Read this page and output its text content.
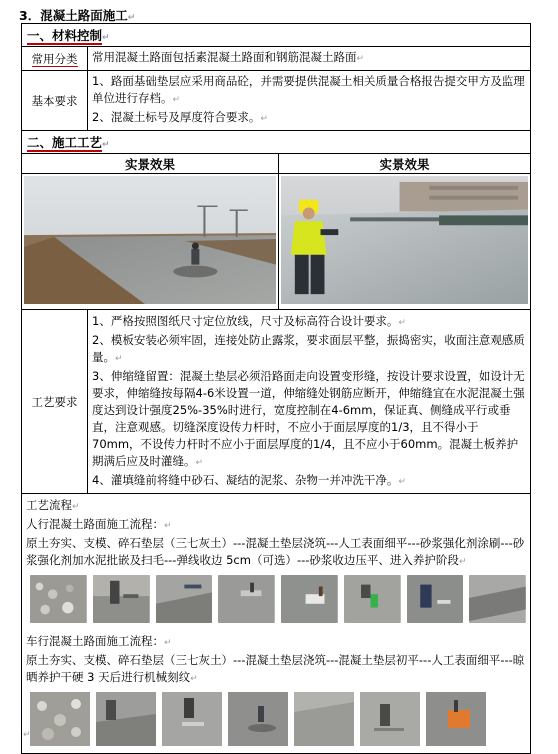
3．混凝土路面施工↵
一、材料控制↵		
常用分类	常用混凝土路面包括素混凝土路面和钢筋混凝土路面↵	
基本要求	1、路面基础垫层应采用商品砼，并需要提供混凝土相关质量合格报告提交甲方及监理单位进行存档。↵
2、混凝土标号及厚度符合要求。↵	

二、施工工艺↵		
实景效果		实景效果

工艺要求	1、严格按照图纸尺寸定位放线，尺寸及标高符合设计要求。↵
2、模板安装必须牢固，连接处防止露浆，要求面层平整，振捣密实，收面注意观感质量。↵
3、伸缩缝留置：混凝土垫层必须沿路面走向设置变形缝，按设计要求设置，如设计无要求，伸缩缝按每隔4-6米设置一道，伸缩缝处钢筋应断开，伸缩缝宜在水泥混凝土强度达到设计强度25%-35%时进行，宽度控制在4-6mm，保证真、侧缝成平行或垂直，注意观感。切缝深度设传力杆时，不应小于面层厚度的1/3，且不得小于70mm，不设传力杆时不应小于面层厚度的1/4，且不应小于60mm。混凝土板养护期满后应及时灌缝。↵
4、灌填缝前将缝中砂石、凝结的泥浆、杂物一并冲洗干净。↵	

工艺流程↵
人行混凝土路面施工流程：↵
原土夯实、支模、碎石垫层（三七灰土）---混凝土垫层浇筑---人工表面细平---砂浆强化剂涂刷---砂浆强化剂加水泥批嵌及扫毛---弹线收边 5cm（可选）---砂浆收边压平、进入养护阶段↵
车行混凝土路面施工流程：↵
原土夯实、支模、碎石垫层（三七灰土）---混凝土垫层浇筑---混凝土垫层初平---人工表面细平---晾晒养护干硬 3 天后进行机械刻纹↵		
↵
